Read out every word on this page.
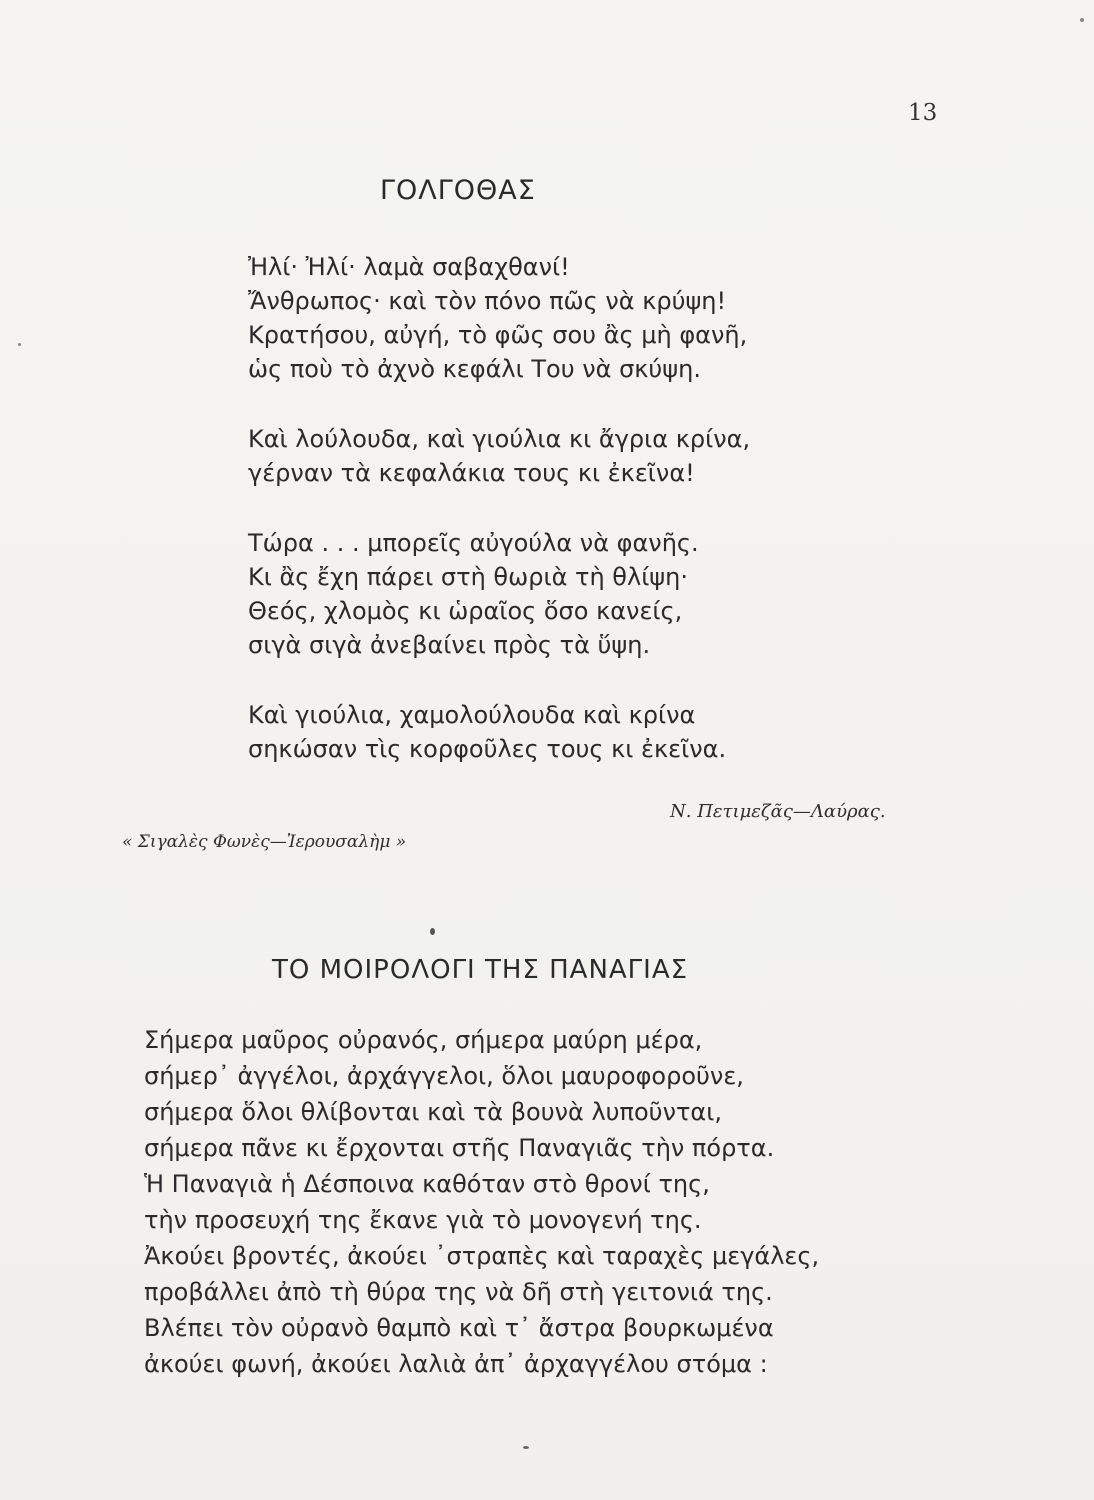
13
ΓΟΛΓΟΘΑΣ
Ἠλί· Ἠλί· λαμὰ σαβαχθανί!
Ἄνθρωπος· καὶ τὸν πόνο πῶς νὰ κρύψη!
Κρατήσου, αὐγή, τὸ φῶς σου ἂς μὴ φανῆ,
ὡς ποὺ τὸ ἀχνὸ κεφάλι Του νὰ σκύψη.
Καὶ λούλουδα, καὶ γιούλια κι ἄγρια κρίνα,
γέρναν τὰ κεφαλάκια τους κι ἐκεῖνα!
Τώρα . . . μπορεῖς αὐγούλα νὰ φανῆς.
Κι ἂς ἔχη πάρει στὴ θωριὰ τὴ θλίψη·
Θεός, χλομὸς κι ὡραῖος ὅσο κανείς,
σιγὰ σιγὰ ἀνεβαίνει πρὸς τὰ ὕψη.
Καὶ γιούλια, χαμολούλουδα καὶ κρίνα
σηκώσαν τὶς κορφοῦλες τους κι ἐκεῖνα.
Ν. Πετιμεζᾶς—Λαύρας.
« Σιγαλὲς Φωνὲς—Ἰερουσαλὴμ »
ΤΟ ΜΟΙΡΟΛΟΓΙ ΤΗΣ ΠΑΝΑΓΙΑΣ
Σήμερα μαῦρος οὐρανός, σήμερα μαύρη μέρα,
σήμερ᾽ ἀγγέλοι, ἀρχάγγελοι, ὅλοι μαυροφοροῦνε,
σήμερα ὅλοι θλίβονται καὶ τὰ βουνὰ λυποῦνται,
σήμερα πᾶνε κι ἔρχονται στῆς Παναγιᾶς τὴν πόρτα.
Ἡ Παναγιὰ ἡ Δέσποινα καθόταν στὸ θρονί της,
τὴν προσευχή της ἔκανε γιὰ τὸ μονογενή της.
Ἀκούει βροντές, ἀκούει ᾽στραπὲς καὶ ταραχὲς μεγάλες,
προβάλλει ἀπὸ τὴ θύρα της νὰ δῆ στὴ γειτονιά της.
Βλέπει τὸν οὐρανὸ θαμπὸ καὶ τ᾽ ἄστρα βουρκωμένα
ἀκούει φωνή, ἀκούει λαλιὰ ἀπ᾽ ἀρχαγγέλου στόμα :
